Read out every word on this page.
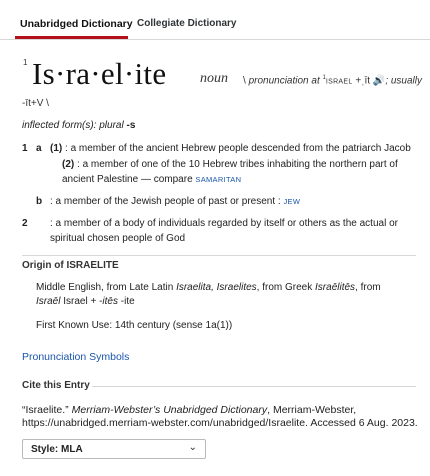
Unabridged Dictionary Collegiate Dictionary
1 Is·ra·el·ite noun \ pronunciation at $^1$ISRAEL +ˌīt 🔊; usually
-īt+V \
inflected form(s): plural -s
1 a (1) : a member of the ancient Hebrew people descended from the patriarch Jacob
(2) : a member of one of the 10 Hebrew tribes inhabiting the northern part of ancient Palestine — compare SAMARITAN
b : a member of the Jewish people of past or present : JEW
2 : a member of a body of individuals regarded by itself or others as the actual or spiritual chosen people of God
Origin of ISRAELITE
Middle English, from Late Latin Israelita, Israelites, from Greek Israēlitēs, from Israēl Israel + -itēs -ite
First Known Use: 14th century (sense 1a(1))
Pronunciation Symbols
Cite this Entry
“Israelite.” Merriam-Webster’s Unabridged Dictionary, Merriam-Webster, https://unabridged.merriam-webster.com/unabridged/Israelite. Accessed 6 Aug. 2023.
Style: MLA	⌄
